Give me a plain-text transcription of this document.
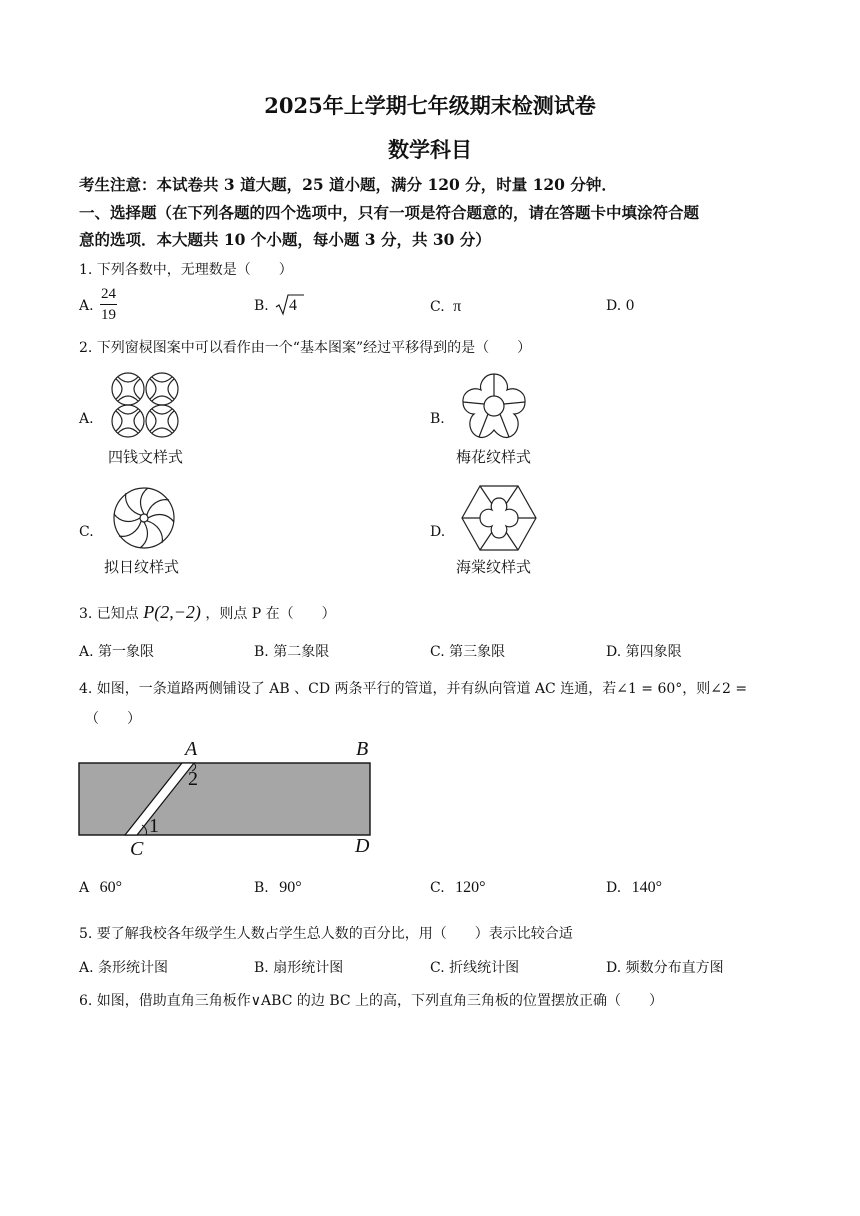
2025年上学期七年级期末检测试卷
数学科目
考生注意：本试卷共 3 道大题，25 道小题，满分 120 分，时量 120 分钟．
一、选择题（在下列各题的四个选项中，只有一项是符合题意的，请在答题卡中填涂符合题
意的选项．本大题共 10 个小题，每小题 3 分，共 30 分）
1. 下列各数中，无理数是（　　）
A. $\frac{24}{19}$	B. 4	C. π	D. 0
2. 下列窗棂图案中可以看作由一个“基本图案”经过平移得到的是（　　）
A.
四钱文样式
B.
梅花纹样式
C.
拟日纹样式
D.
海棠纹样式
3. 已知点 P(2,−2) ，则点 P 在（　　）
A. 第一象限	B. 第二象限	C. 第三象限	D. 第四象限
4. 如图，一条道路两侧铺设了 AB 、CD 两条平行的管道，并有纵向管道 AC 连通，若∠1 = 60°，则∠2 =
（　　）
A	B
C	D
2
1
A 60°	B. 90°	C. 120°	D. 140°
5. 要了解我校各年级学生人数占学生总人数的百分比，用（　　）表示比较合适
A. 条形统计图	B. 扇形统计图	C. 折线统计图	D. 频数分布直方图
6. 如图，借助直角三角板作∨ABC 的边 BC 上的高，下列直角三角板的位置摆放正确（　　）
